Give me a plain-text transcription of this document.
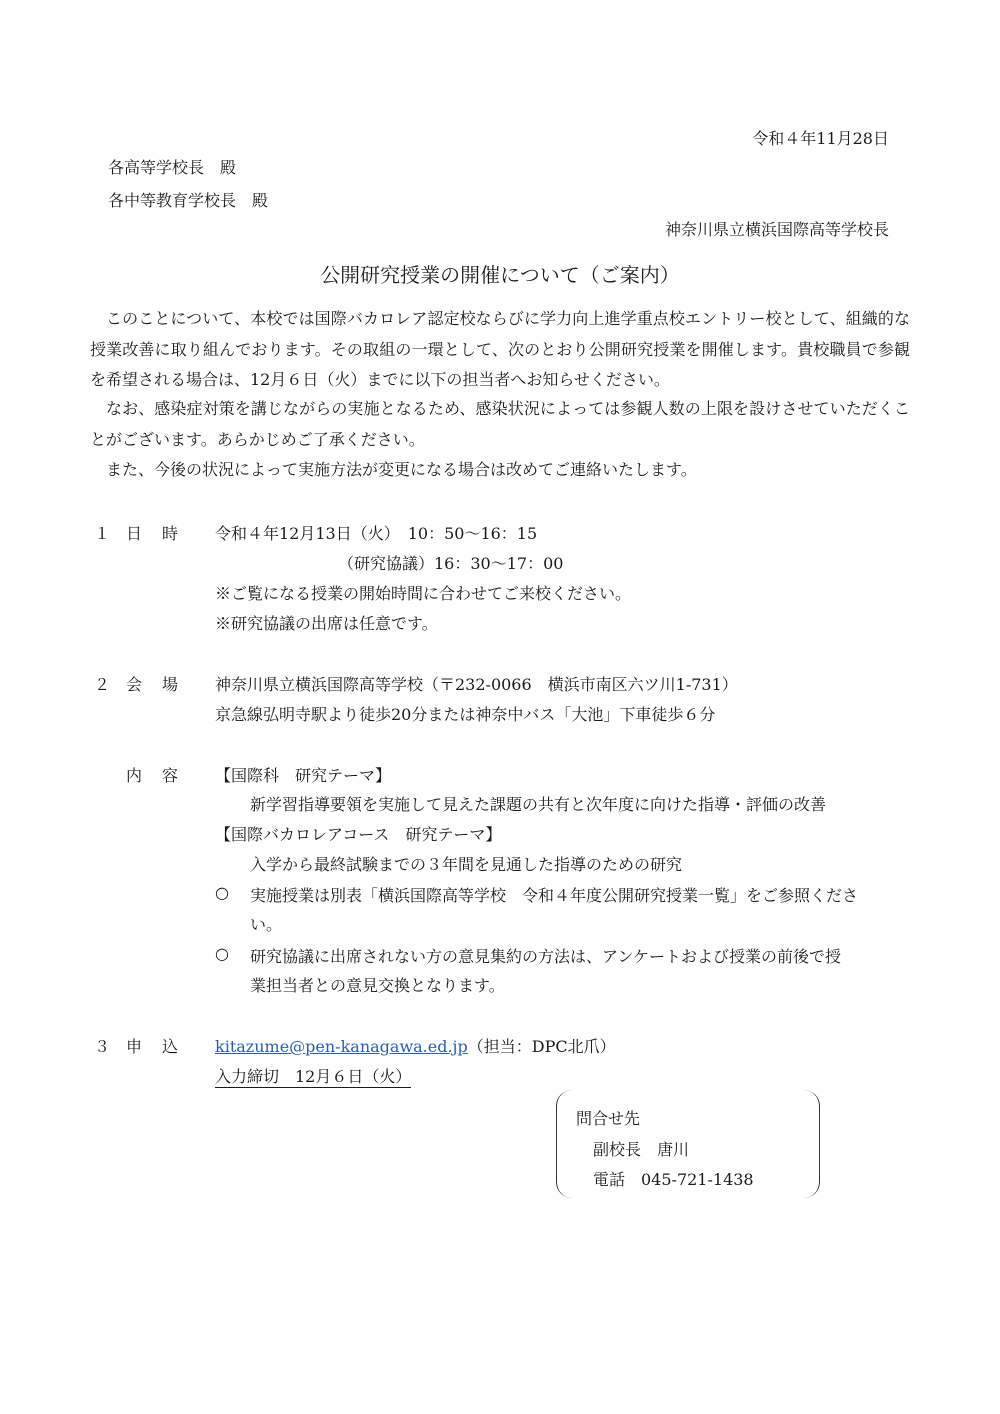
令和４年11月28日
各高等学校長　殿
各中等教育学校長　殿
神奈川県立横浜国際高等学校長
公開研究授業の開催について（ご案内）
このことについて、本校では国際バカロレア認定校ならびに学力向上進学重点校エントリー校として、組織的な授業改善に取り組んでおります。その取組の一環として、次のとおり公開研究授業を開催します。貴校職員で参観を希望される場合は、12月６日（火）までに以下の担当者へお知らせください。
なお、感染症対策を講じながらの実施となるため、感染状況によっては参観人数の上限を設けさせていただくことがございます。あらかじめご了承ください。
また、今後の状況によって実施方法が変更になる場合は改めてご連絡いたします。
１ 日 時 令和４年12月13日（火）　10：50～16：15
（研究協議）16：30～17：00
※ご覧になる授業の開始時間に合わせてご来校ください。
※研究協議の出席は任意です。
２ 会 場 神奈川県立横浜国際高等学校（〒232-0066　横浜市南区六ツ川1-731）
京急線弘明寺駅より徒歩20分または神奈中バス「大池」下車徒歩６分
内 容 【国際科　研究テーマ】
新学習指導要領を実施して見えた課題の共有と次年度に向けた指導・評価の改善
【国際バカロレアコース　研究テーマ】
入学から最終試験までの３年間を見通した指導のための研究
○ 実施授業は別表「横浜国際高等学校　令和４年度公開研究授業一覧」をご参照くださ
い。
○ 研究協議に出席されない方の意見集約の方法は、アンケートおよび授業の前後で授
業担当者との意見交換となります。
３ 申 込 kitazume@pen-kanagawa.ed.jp（担当：DPC北爪）
入力締切　12月６日（火）
問合せ先
副校長　唐川
電話　045-721-1438
